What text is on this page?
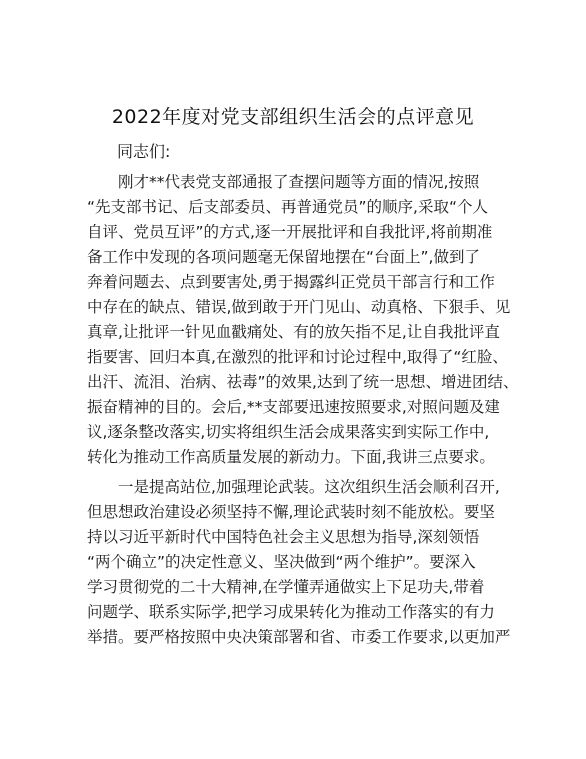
2022年度对党支部组织生活会的点评意见
同志们:
刚才**代表党支部通报了查摆问题等方面的情况,按照
“先支部书记、后支部委员、再普通党员”的顺序,采取“个人
自评、党员互评”的方式,逐一开展批评和自我批评,将前期准
备工作中发现的各项问题毫无保留地摆在“台面上”,做到了
奔着问题去、点到要害处,勇于揭露纠正党员干部言行和工作
中存在的缺点、错误,做到敢于开门见山、动真格、下狠手、见
真章,让批评一针见血戳痛处、有的放矢指不足,让自我批评直
指要害、回归本真,在激烈的批评和讨论过程中,取得了“红脸、
出汗、流泪、治病、祛毒”的效果,达到了统一思想、增进团结、
振奋精神的目的。会后,**支部要迅速按照要求,对照问题及建
议,逐条整改落实,切实将组织生活会成果落实到实际工作中,
转化为推动工作高质量发展的新动力。下面,我讲三点要求。
一是提高站位,加强理论武装。这次组织生活会顺利召开,
但思想政治建设必须坚持不懈,理论武装时刻不能放松。要坚
持以习近平新时代中国特色社会主义思想为指导,深刻领悟
“两个确立”的决定性意义、坚决做到“两个维护”。要深入
学习贯彻党的二十大精神,在学懂弄通做实上下足功夫,带着
问题学、联系实际学,把学习成果转化为推动工作落实的有力
举措。要严格按照中央决策部署和省、市委工作要求,以更加严
